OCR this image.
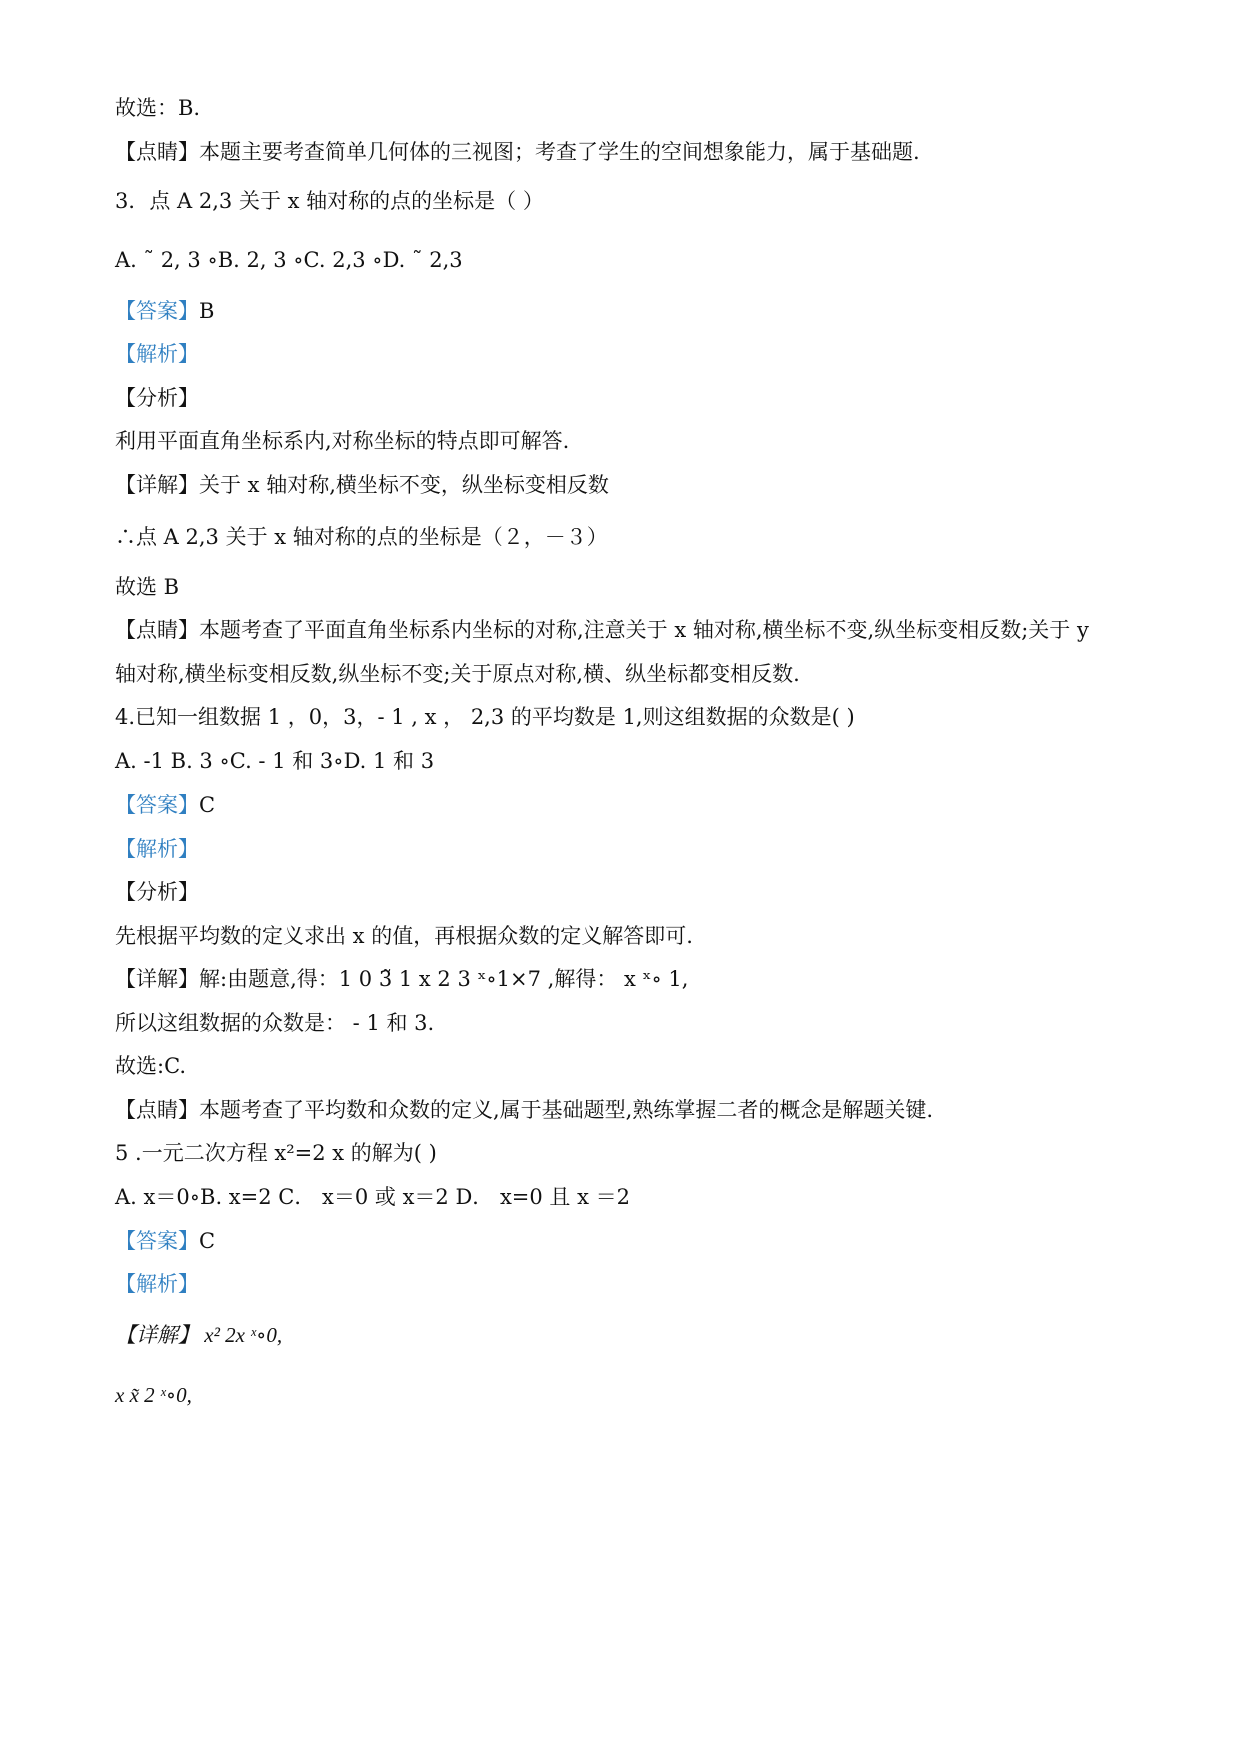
故选：B.
【点睛】本题主要考查简单几何体的三视图；考查了学生的空间想象能力，属于基础题.
3．点 A 2,3 关于 x 轴对称的点的坐标是（ ）
A. ˜ 2, 3 ∘B. 2, 3 ∘C. 2,3 ∘D. ˜ 2,3
【答案】B
【解析】
【分析】
利用平面直角坐标系内,对称坐标的特点即可解答.
【详解】关于 x 轴对称,横坐标不变，纵坐标变相反数
∴点 A 2,3 关于 x 轴对称的点的坐标是（２，－３）
故选 B
【点睛】本题考查了平面直角坐标系内坐标的对称,注意关于 x 轴对称,横坐标不变,纵坐标变相反数;关于 y
轴对称,横坐标变相反数,纵坐标不变;关于原点对称,横、纵坐标都变相反数.
4.已知一组数据 1 ，0，3，- 1 , x ， 2,3 的平均数是 1,则这组数据的众数是( )
A. -1 B. 3 ∘C. - 1 和 3∘D. 1 和 3
【答案】C
【解析】
【分析】
先根据平均数的定义求出 x 的值，再根据众数的定义解答即可.
【详解】解:由题意,得：1 0 3̃ 1 x 2 3 ˣ∘1×7 ,解得： x ˣ∘ 1,
所以这组数据的众数是： - 1 和 3.
故选:C.
【点睛】本题考查了平均数和众数的定义,属于基础题型,熟练掌握二者的概念是解题关键.
5 .一元二次方程 x²=2 x 的解为( )
A. x＝0∘B. x=2 C． x＝0 或 x＝2 D． x=0 且 x ＝2
【答案】C
【解析】
【详解】 x² 2x ˣ∘0,
x x̃ 2 ˣ∘0,
